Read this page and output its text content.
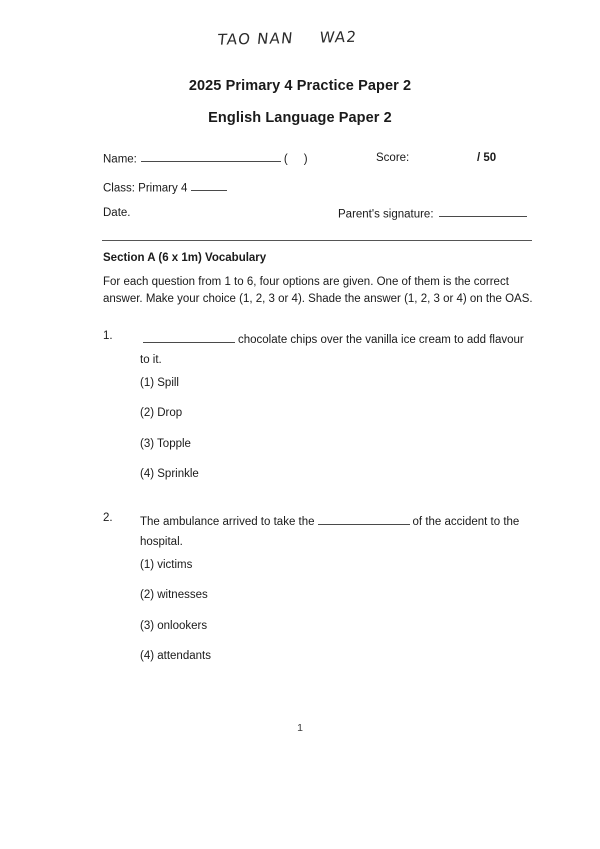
TAO NAN WA2
2025 Primary 4 Practice Paper 2
English Language Paper 2
Name:	( )	Score:	/ 50
Class: Primary 4
Date.	Parent's signature:
Section A (6 x 1m) Vocabulary
For each question from 1 to 6, four options are given. One of them is the correct answer. Make your choice (1, 2, 3 or 4). Shade the answer (1, 2, 3 or 4) on the OAS.
1.	chocolate chips over the vanilla ice cream to add flavour to it.
(1) Spill
(2) Drop
(3) Topple
(4) Sprinkle
2. The ambulance arrived to take the	of the accident to the hospital.
(1) victims
(2) witnesses
(3) onlookers
(4) attendants
1
